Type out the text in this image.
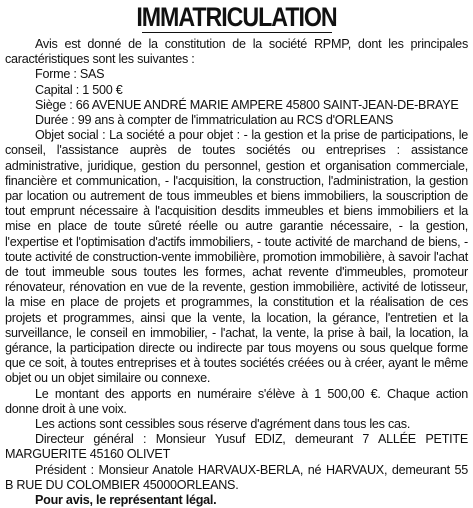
IMMATRICULATION

Avis est donné de la constitution de la société RPMP, dont les principales caractéristiques sont les suivantes :

Forme : SAS

Capital : 1 500 €

Siège : 66 AVENUE ANDRÉ MARIE AMPERE 45800 SAINT-JEAN-DE-BRAYE

Durée : 99 ans à compter de l'immatriculation au RCS d'ORLEANS

Objet social : La société a pour objet : - la gestion et la prise de participations, le conseil, l'assistance auprès de toutes sociétés ou entreprises : assistance administrative, juridique, gestion du personnel, gestion et organisation commerciale, financière et communication, - l'acquisition, la construction, l'administration, la gestion par location ou autrement de tous immeubles et biens immobiliers, la souscription de tout emprunt nécessaire à l'acquisition desdits immeubles et biens immobiliers et la mise en place de toute sûreté réelle ou autre garantie nécessaire, - la gestion, l'expertise et l'optimisation d'actifs immobiliers, - toute activité de marchand de biens, - toute activité de construction-vente immobilière, promotion immobilière, à savoir l'achat de tout immeuble sous toutes les formes, achat revente d'immeubles, promoteur rénovateur, rénovation en vue de la revente, gestion immobilière, activité de lotisseur, la mise en place de projets et programmes, la constitution et la réalisation de ces projets et programmes, ainsi que la vente, la location, la gérance, l'entretien et la surveillance, le conseil en immobilier, - l'achat, la vente, la prise à bail, la location, la gérance, la participation directe ou indirecte par tous moyens ou sous quelque forme que ce soit, à toutes entreprises et à toutes sociétés créées ou à créer, ayant le même objet ou un objet similaire ou connexe.

Le montant des apports en numéraire s'élève à 1 500,00 €. Chaque action donne droit à une voix.

Les actions sont cessibles sous réserve d'agrément dans tous les cas.

Directeur général : Monsieur Yusuf EDIZ, demeurant 7 ALLÉE PETITE MARGUERITE 45160 OLIVET

Président : Monsieur Anatole HARVAUX-BERLA, né HARVAUX, demeurant 55 B RUE DU COLOMBIER 45000ORLEANS.

Pour avis, le représentant légal.
